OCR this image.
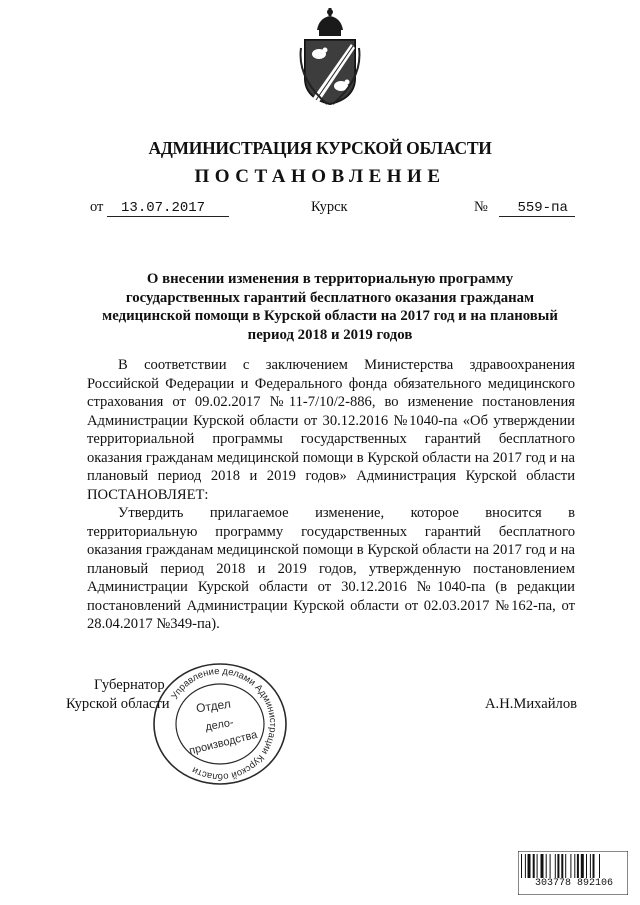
АДМИНИСТРАЦИЯ КУРСКОЙ ОБЛАСТИ
ПОСТАНОВЛЕНИЕ
от 13.07.2017	Курск	№ 559-па
О внесении изменения в территориальную программу государственных гарантий бесплатного оказания гражданам медицинской помощи в Курской области на 2017 год и на плановый период 2018 и 2019 годов

В соответствии с заключением Министерства здравоохранения Российской Федерации и Федерального фонда обязательного медицинского страхования от 09.02.2017 №11-7/10/2-886, во изменение постановления Администрации Курской области от 30.12.2016 №1040-па «Об утверждении территориальной программы государственных гарантий бесплатного оказания гражданам медицинской помощи в Курской области на 2017 год и на плановый период 2018 и 2019 годов» Администрация Курской области ПОСТАНОВЛЯЕТ:

Утвердить прилагаемое изменение, которое вносится в территориальную программу государственных гарантий бесплатного оказания гражданам медицинской помощи в Курской области на 2017 год и на плановый период 2018 и 2019 годов, утвержденную постановлением Администрации Курской области от 30.12.2016 №1040-па (в редакции постановлений Администрации Курской области от 02.03.2017 №162-па, от 28.04.2017 №349-па).

Управление делами Администрации Курской области
Отдел
дело-
производства
Губернатор
Курской области	А.Н.Михайлов
303778 892106
